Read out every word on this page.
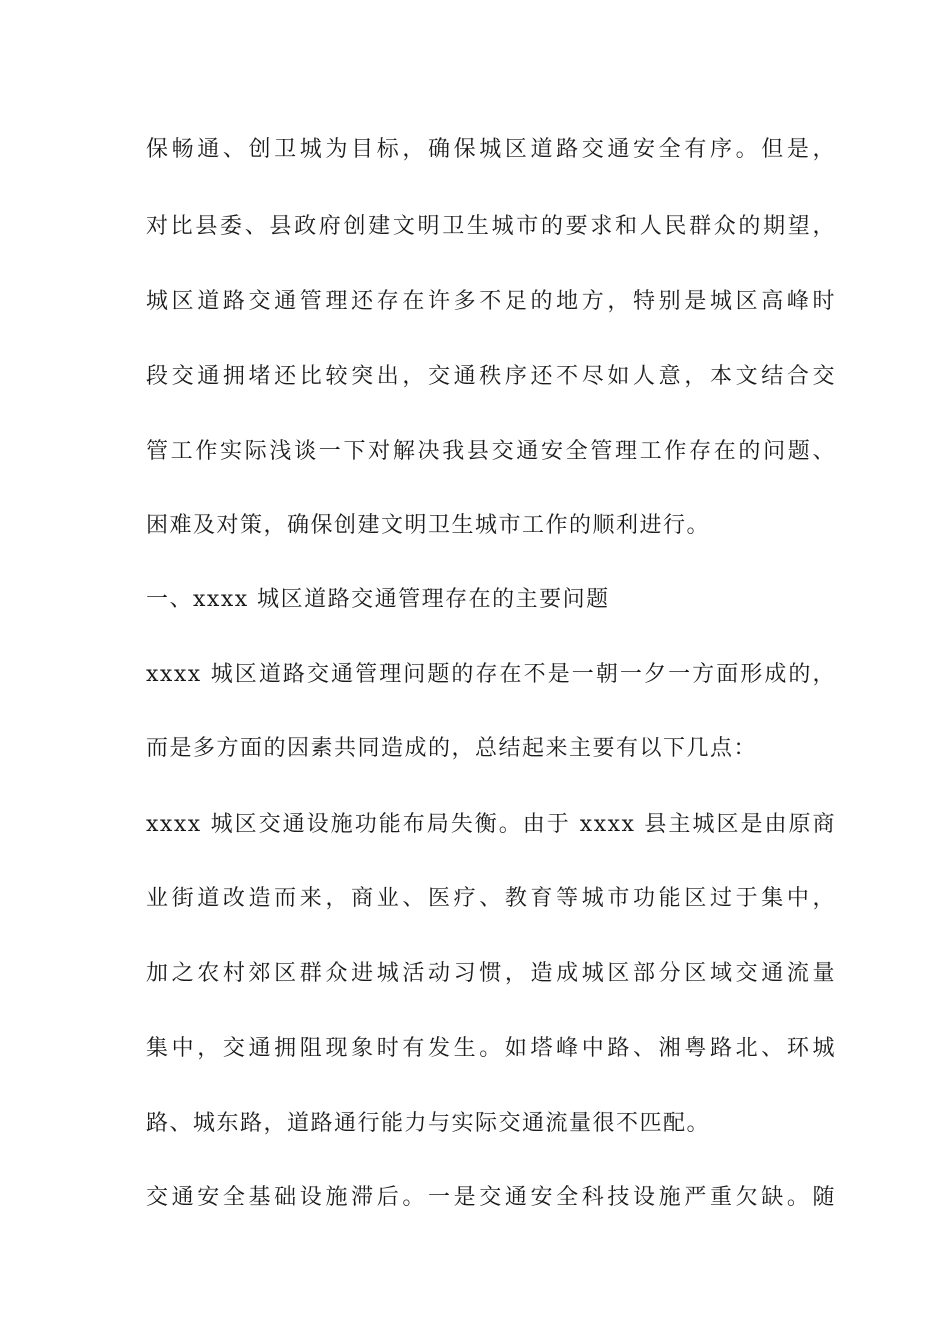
保畅通、创卫城为目标，确保城区道路交通安全有序。但是，
对比县委、县政府创建文明卫生城市的要求和人民群众的期望，
城区道路交通管理还存在许多不足的地方，特别是城区高峰时
段交通拥堵还比较突出，交通秩序还不尽如人意，本文结合交
管工作实际浅谈一下对解决我县交通安全管理工作存在的问题、
困难及对策，确保创建文明卫生城市工作的顺利进行。
一、xxxx 城区道路交通管理存在的主要问题
xxxx 城区道路交通管理问题的存在不是一朝一夕一方面形成的，
而是多方面的因素共同造成的，总结起来主要有以下几点：
xxxx 城区交通设施功能布局失衡。由于 xxxx 县主城区是由原商
业街道改造而来，商业、医疗、教育等城市功能区过于集中，
加之农村郊区群众进城活动习惯，造成城区部分区域交通流量
集中，交通拥阻现象时有发生。如塔峰中路、湘粤路北、环城
路、城东路，道路通行能力与实际交通流量很不匹配。
交通安全基础设施滞后。一是交通安全科技设施严重欠缺。随
